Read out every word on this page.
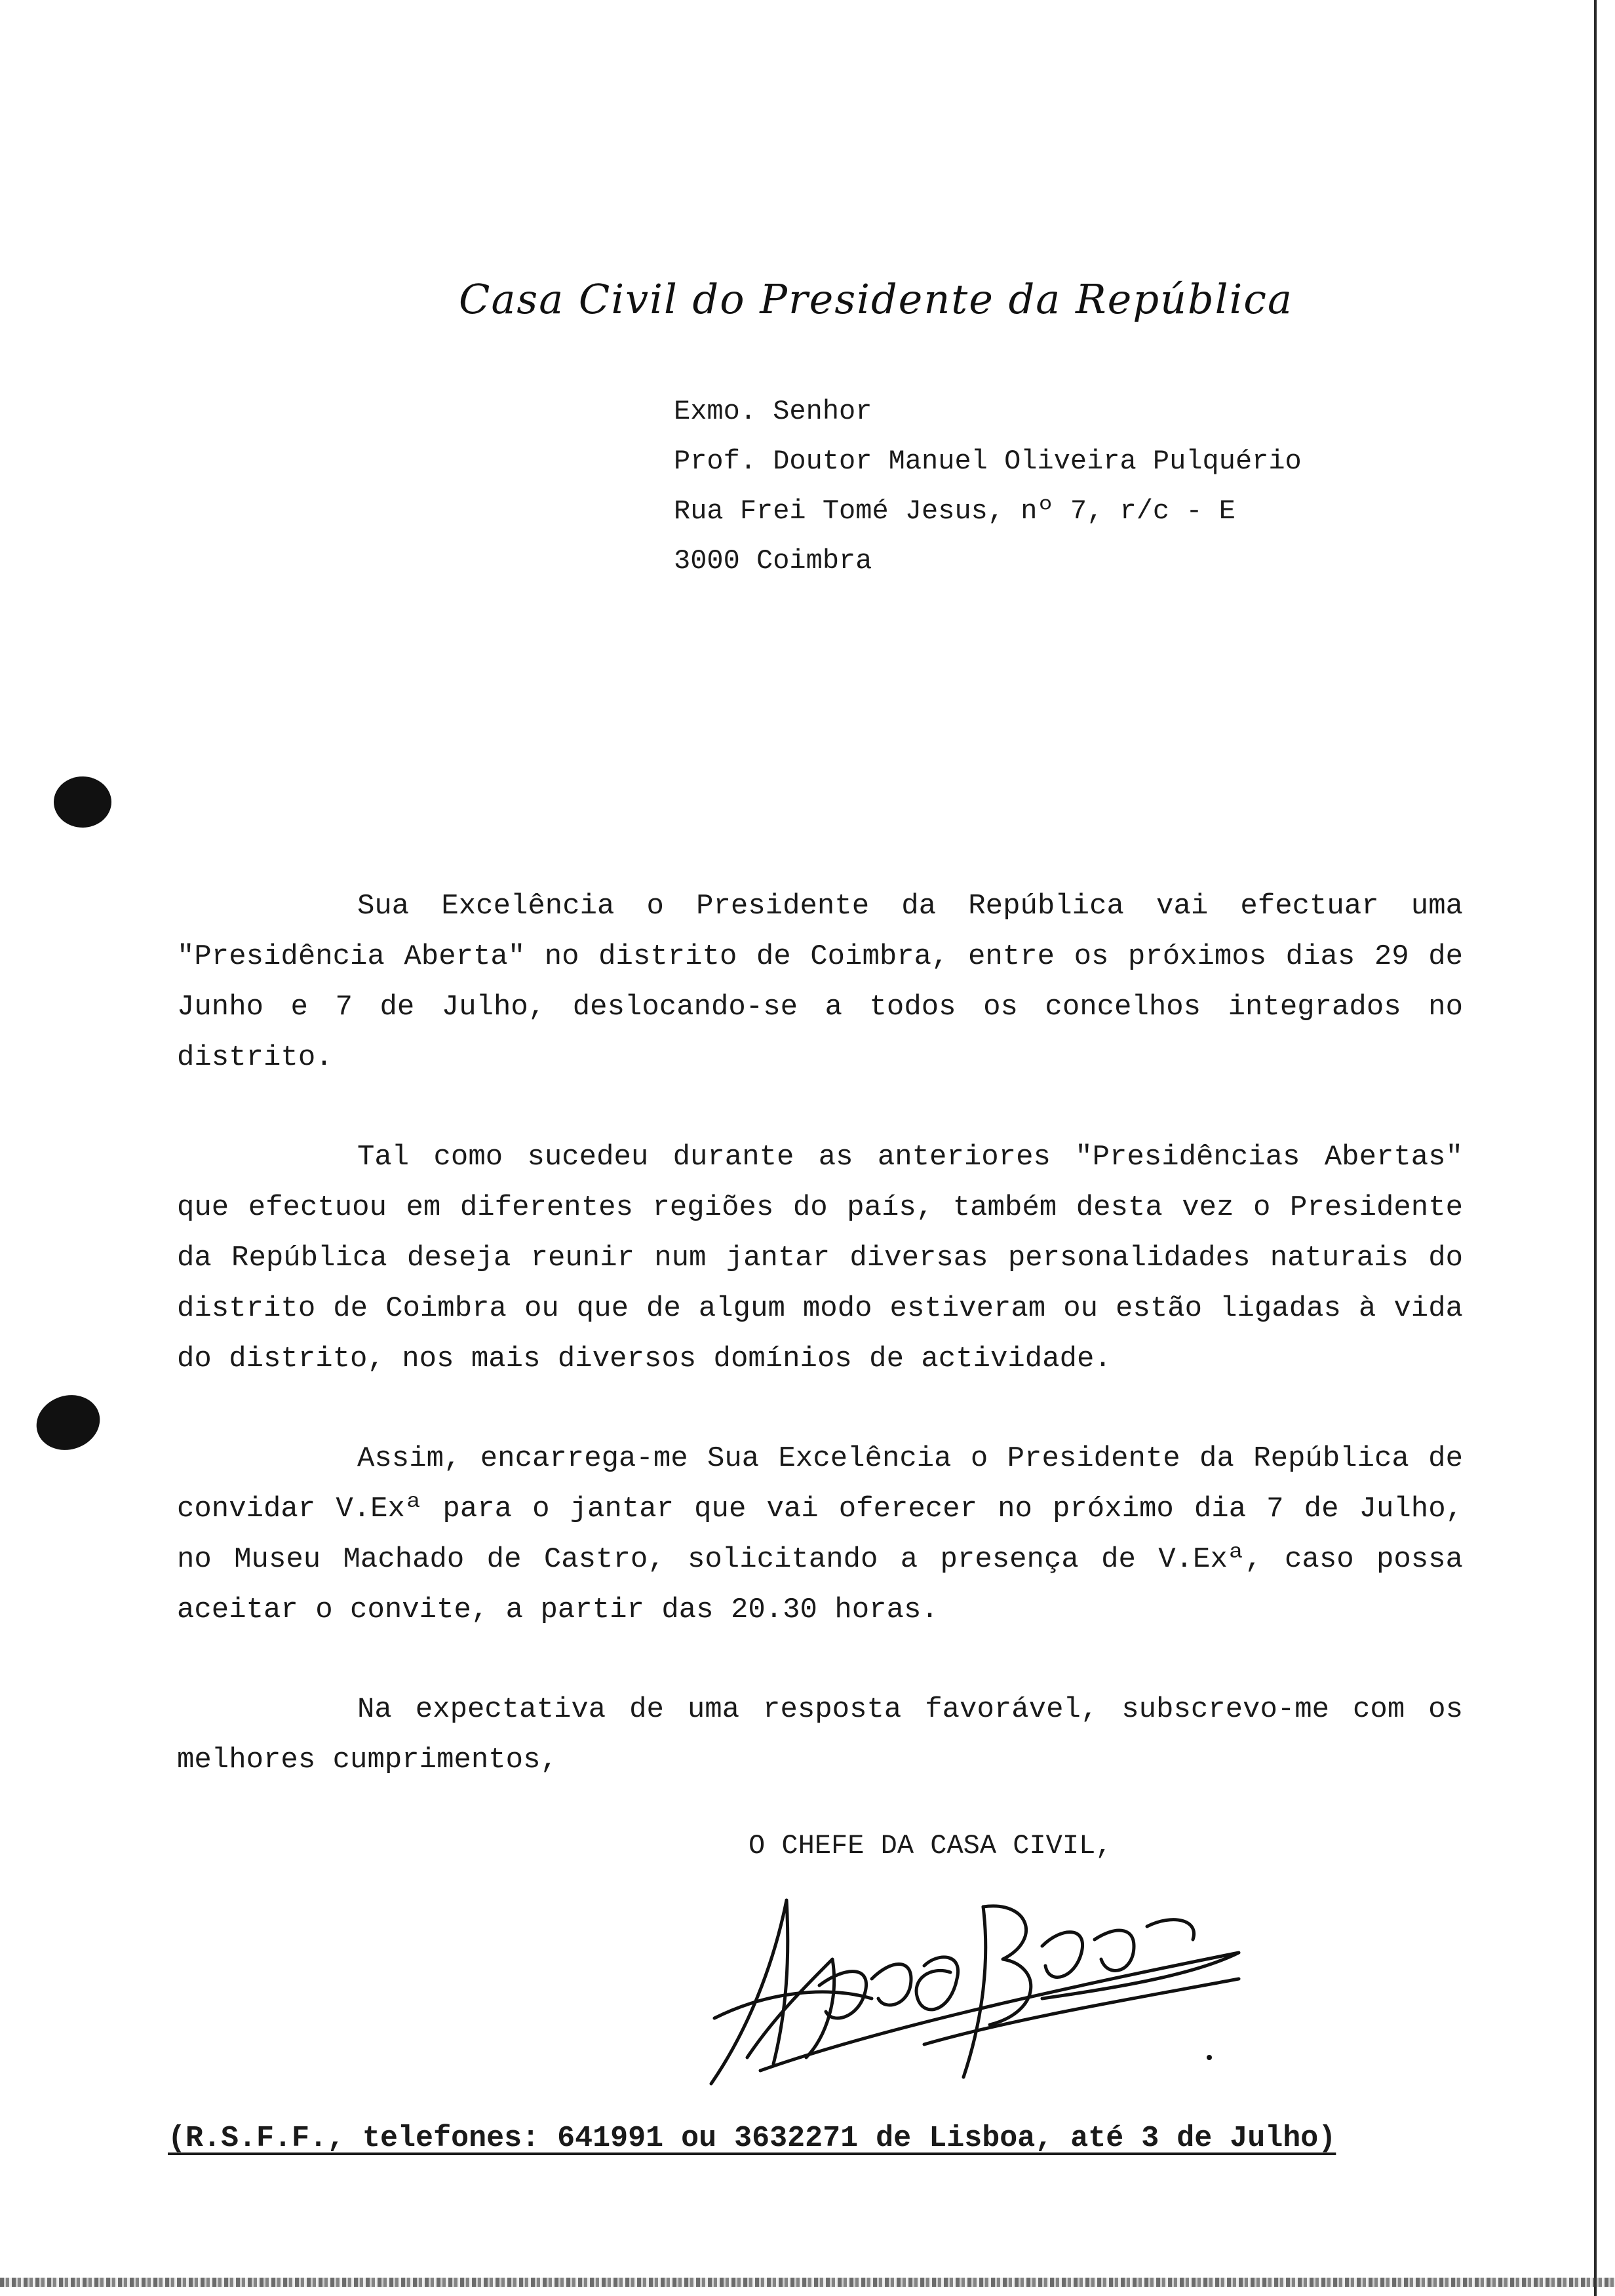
Casa Civil do Presidente da República
Exmo. Senhor
Prof. Doutor Manuel Oliveira Pulquério
Rua Frei Tomé Jesus, nº 7, r/c - E
3000 Coimbra

Sua Excelência o Presidente da República vai efectuar uma "Presidência Aberta" no distrito de Coimbra, entre os próximos dias 29 de Junho e 7 de Julho, deslocando-se a todos os concelhos integrados no distrito.

Tal como sucedeu durante as anteriores "Presidências Abertas" que efectuou em diferentes regiões do país, também desta vez o Presidente da República deseja reunir num jantar diversas personalidades naturais do distrito de Coimbra ou que de algum modo estiveram ou estão ligadas à vida do distrito, nos mais diversos domínios de actividade.

Assim, encarrega-me Sua Excelência o Presidente da República de convidar V.Exª para o jantar que vai oferecer no próximo dia 7 de Julho, no Museu Machado de Castro, solicitando a presença de V.Exª, caso possa aceitar o convite, a partir das 20.30 horas.

Na expectativa de uma resposta favorável, subscrevo-me com os melhores cumprimentos,

O CHEFE DA CASA CIVIL,
(R.S.F.F., telefones: 641991 ou 3632271 de Lisboa, até 3 de Julho)
